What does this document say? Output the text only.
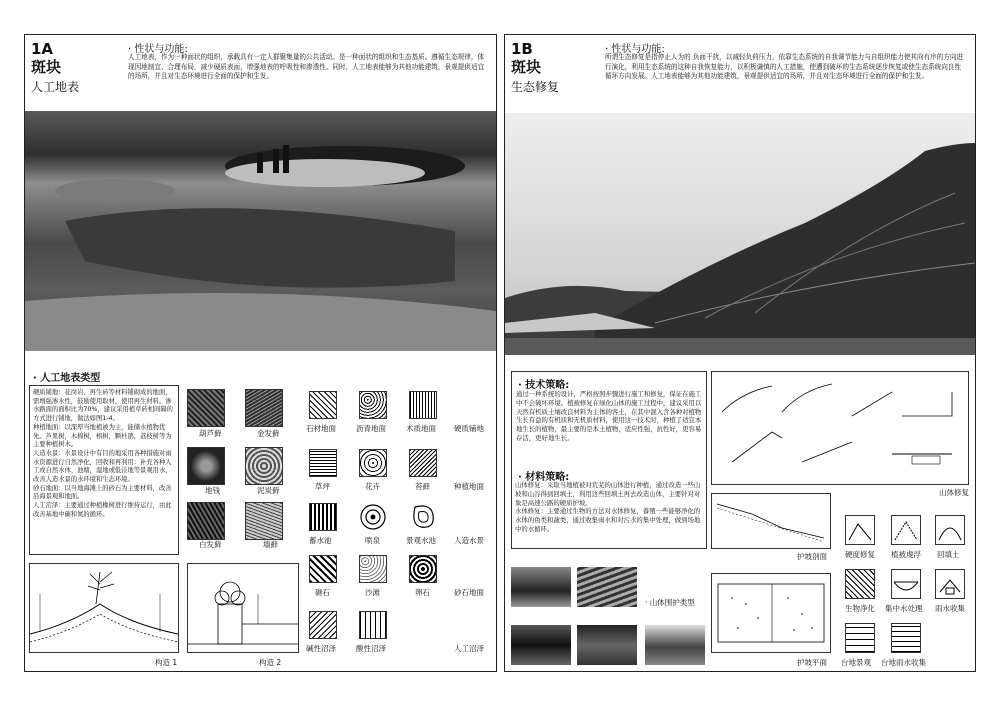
1A
斑块
人工地表
· 性状与功能:
人工地表，作为一种面状的组织，承载具有一定人群聚集量的公共活动。是一种面状的组织和生态基质。遵循生态规律，体现因地制宜、合理布局，减少硬质表面，增强地表的呼吸性和渗透性。同时，人工地表能够为其他功能建筑，景观提供适宜的场所，并且对生态环境进行全面的保护和生发。
· 人工地表类型
硬质铺地：花岗岩、再生砖等材料铺砌成的地面，需增强渗水性，鼓励使用取材，使用再生材料。渗水路面的面积比为70%，建议采用植草砖相间隔的方式进行铺地，做法如图1-4。
种植地面：以深厚当地植被为主，能储水植物优先。芦果树，木棉树，榕树，颗杜鹃，荔枝树等为主要种植树木。
人造水景：水景设计中有目的地采用各种措施对雨水资源进行自然净化，回收和再利用：补充各种人工或自然水体、池塘，湿地或低洼地等景观用水，改善人造水景的水环境和生态环境。
砂石地面：以当地海滩上的砂石为主要材料，改善沿海景观和地面。
人工沼泽：主要通过种植橡树进行维持运行，由此改善基地中碳和氮的循环。
葫芦藓	金发藓
地钱	泥炭藓
白发藓	墙藓
石材地面	沥青地面	木质地面 硬质铺地
草坪	花卉	苔藓	种植地面
蓄水池	喷泉	景观水池 人造水景
礁石	沙滩	卵石	砂石地面
碱性沼泽	酸性沼泽	人工沼泽
构造 1	构造 2
1B
斑块
生态修复
· 性状与功能:
所谓生态修复是指停止人为的 负面干扰，以减轻负荷压力，依靠生态系统的自我调节能力与自组织能力使其向有序的方向进行演化，利用生态系统的这种自我恢复能力，以积极谦慎的人工措施，使遭到破坏的生态系统逐步恢复或使生态系统向良性循环方向发展。人工地表能够为其他功能建筑，景观提供适宜的场所，并且对生态环境进行全面的保护和生发。
· 技术策略:
通过一种系统的设计，严格按照步骤进行施工和修复，保证在施工中不会破坏环境。植被修复在绿化山体的施工过程中，建议采用以天然有机质土壤改良材料为主体的客土，在其中混入含各种对植物生长有益的有机质和无机质材料，使用这一技术时，种植了适宜本地生长的植物，最主要的是本土植物，适应性强，抗性好，更容易存活，更好地生长。
· 材料策略:
山体修复：采取当地植被对荒芜的山体进行种植，通过改造一些山坡和山谷得到回填土，利用这些回填土再去改造山体，主要针对对象是高速公路的硬质护坡。
水体修复：主要通过生物的方法对水体修复，養殖一些能够净化的水体的鱼类和蔬类，通过收集雨水和对污水的集中处理，做到场地中的水循环。
山体修复
护坡剖面 硬度修复 植被虔浮 回填土
生物净化 集中水处理 雨水收集
台地景观 台地雨水收集
· 山体围护类型
护坡平面
